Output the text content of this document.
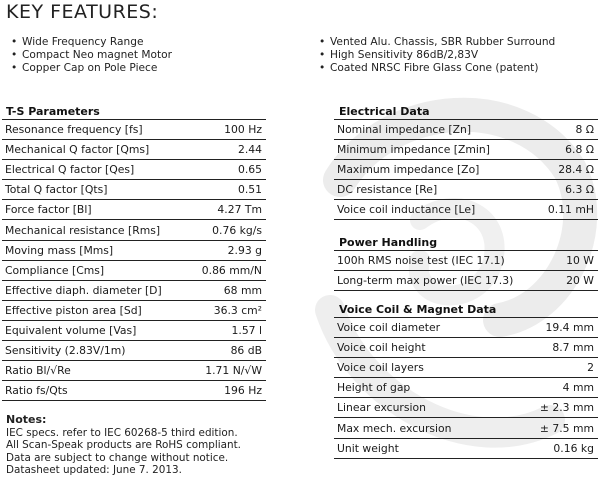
KEY FEATURES:
• Wide Frequency Range
• Compact Neo magnet Motor
• Copper Cap on Pole Piece
• Vented Alu. Chassis, SBR Rubber Surround
• High Sensitivity 86dB/2,83V
• Coated NRSC Fibre Glass Cone (patent)
T-S Parameters
Resonance frequency [fs]	100 Hz
Mechanical Q factor [Qms]	2.44
Electrical Q factor [Qes]	0.65
Total Q factor [Qts]	0.51
Force factor [Bl]	4.27 Tm
Mechanical resistance [Rms]	0.76 kg/s
Moving mass [Mms]	2.93 g
Compliance [Cms]	0.86 mm/N
Effective diaph. diameter [D]	68 mm
Effective piston area [Sd]	36.3 cm²
Equivalent volume [Vas]	1.57 l
Sensitivity (2.83V/1m)	86 dB
Ratio Bl/√Re	1.71 N/√W
Ratio fs/Qts	196 Hz
Electrical Data
Nominal impedance [Zn]	8 Ω
Minimum impedance [Zmin]	6.8 Ω
Maximum impedance [Zo]	28.4 Ω
DC resistance [Re]	6.3 Ω
Voice coil inductance [Le]	0.11 mH
Power Handling
100h RMS noise test (IEC 17.1)	10 W
Long-term max power (IEC 17.3)	20 W
Voice Coil & Magnet Data
Voice coil diameter	19.4 mm
Voice coil height	8.7 mm
Voice coil layers	2
Height of gap	4 mm
Linear excursion	± 2.3 mm
Max mech. excursion	± 7.5 mm
Unit weight	0.16 kg
Notes:
IEC specs. refer to IEC 60268-5 third edition.
All Scan-Speak products are RoHS compliant.
Data are subject to change without notice.
Datasheet updated: June 7. 2013.
